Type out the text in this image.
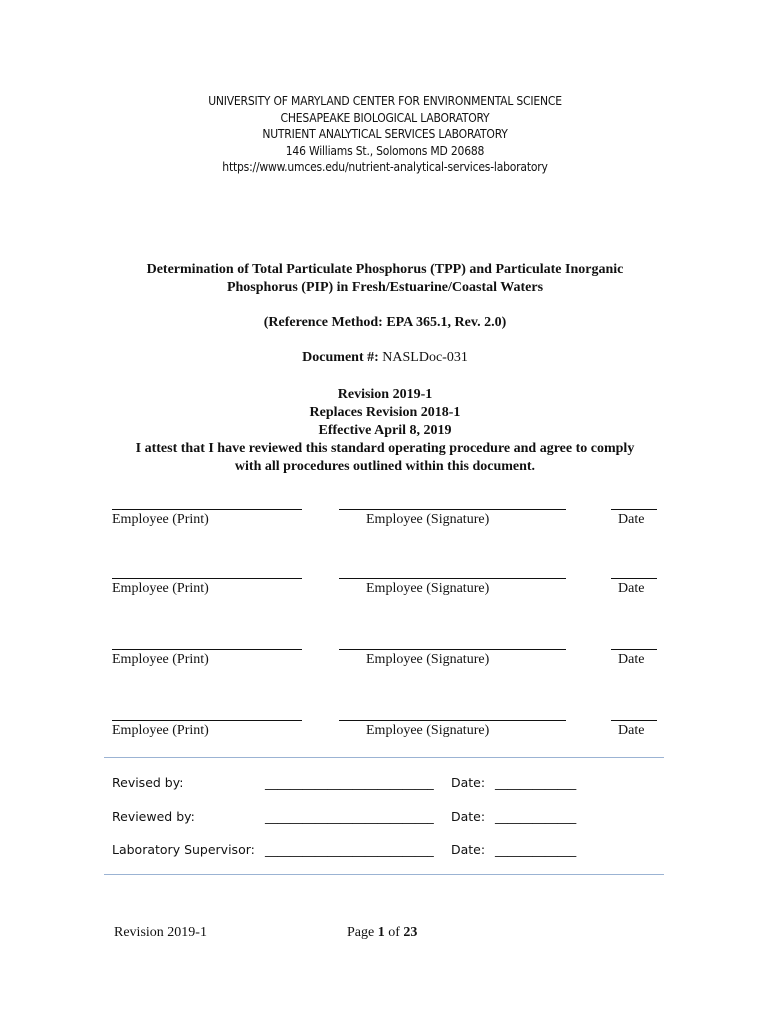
UNIVERSITY OF MARYLAND CENTER FOR ENVIRONMENTAL SCIENCE
CHESAPEAKE BIOLOGICAL LABORATORY
NUTRIENT ANALYTICAL SERVICES LABORATORY
146 Williams St., Solomons MD 20688
https://www.umces.edu/nutrient-analytical-services-laboratory
Determination of Total Particulate Phosphorus (TPP) and Particulate Inorganic
Phosphorus (PIP) in Fresh/Estuarine/Coastal Waters
(Reference Method: EPA 365.1, Rev. 2.0)
Document #: NASLDoc-031
Revision 2019-1
Replaces Revision 2018-1
Effective April 8, 2019
I attest that I have reviewed this standard operating procedure and agree to comply
with all procedures outlined within this document.
Employee (Print)	Employee (Signature)	Date
Employee (Print)	Employee (Signature)	Date
Employee (Print)	Employee (Signature)	Date
Employee (Print)	Employee (Signature)	Date
Revised by:	___________________________ Date: _____________
Reviewed by:	___________________________ Date: _____________
Laboratory Supervisor: ___________________________ Date: _____________
Revision 2019-1	Page 1 of 23
